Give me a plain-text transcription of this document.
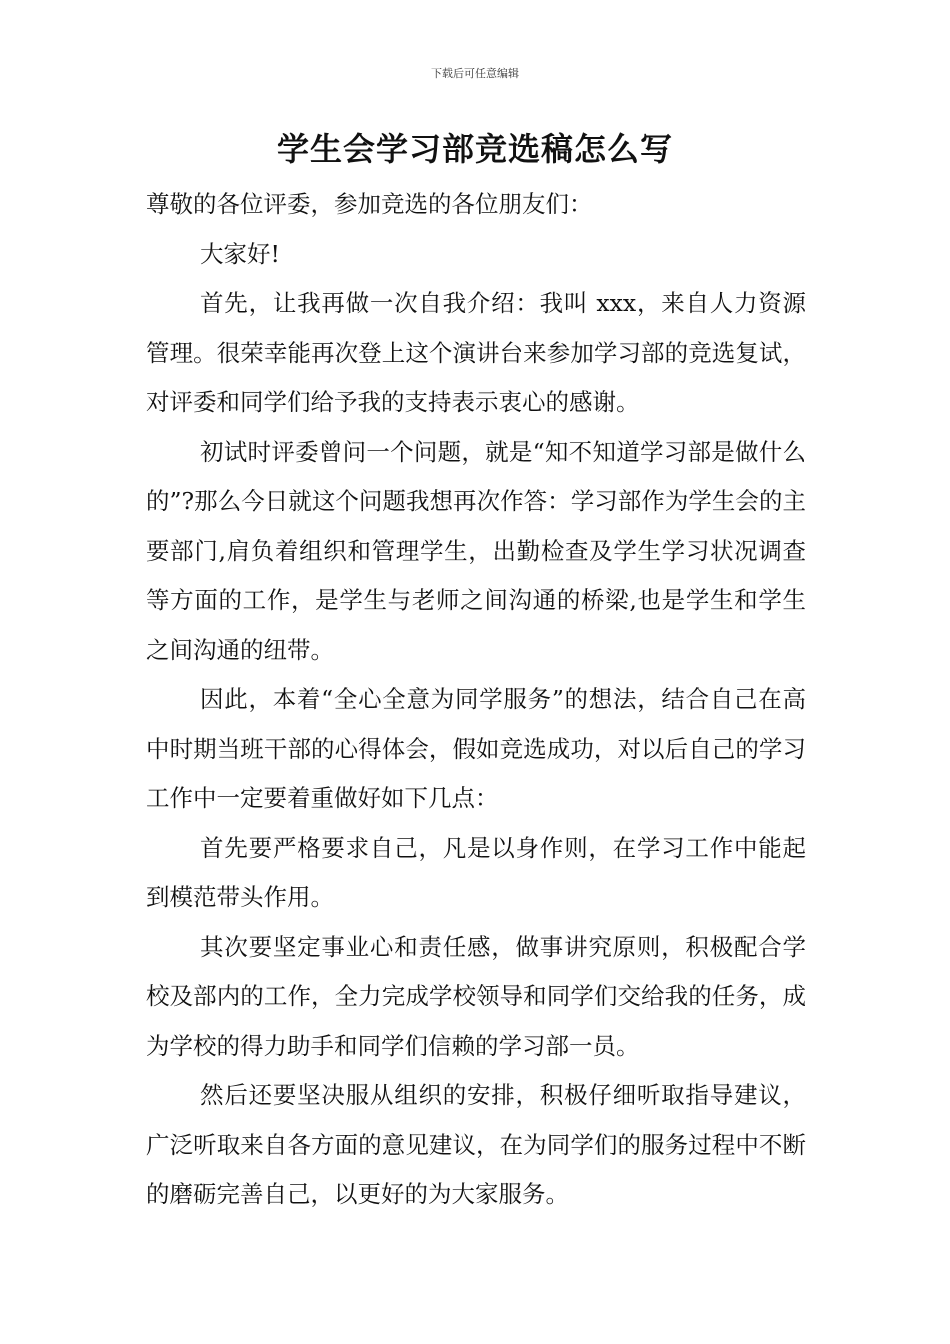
下载后可任意编辑
学生会学习部竞选稿怎么写

尊敬的各位评委，参加竞选的各位朋友们：

大家好!

首先，让我再做一次自我介绍：我叫 xxx，来自人力资源管理。很荣幸能再次登上这个演讲台来参加学习部的竞选复试，对评委和同学们给予我的支持表示衷心的感谢。

初试时评委曾问一个问题，就是“知不知道学习部是做什么的”?那么今日就这个问题我想再次作答：学习部作为学生会的主要部门,肩负着组织和管理学生，出勤检查及学生学习状况调查等方面的工作，是学生与老师之间沟通的桥梁,也是学生和学生之间沟通的纽带。

因此，本着“全心全意为同学服务”的想法，结合自己在高中时期当班干部的心得体会，假如竞选成功，对以后自己的学习工作中一定要着重做好如下几点：

首先要严格要求自己，凡是以身作则，在学习工作中能起到模范带头作用。

其次要坚定事业心和责任感，做事讲究原则，积极配合学校及部内的工作，全力完成学校领导和同学们交给我的任务，成为学校的得力助手和同学们信赖的学习部一员。

然后还要坚决服从组织的安排，积极仔细听取指导建议，广泛听取来自各方面的意见建议，在为同学们的服务过程中不断的磨砺完善自己，以更好的为大家服务。
